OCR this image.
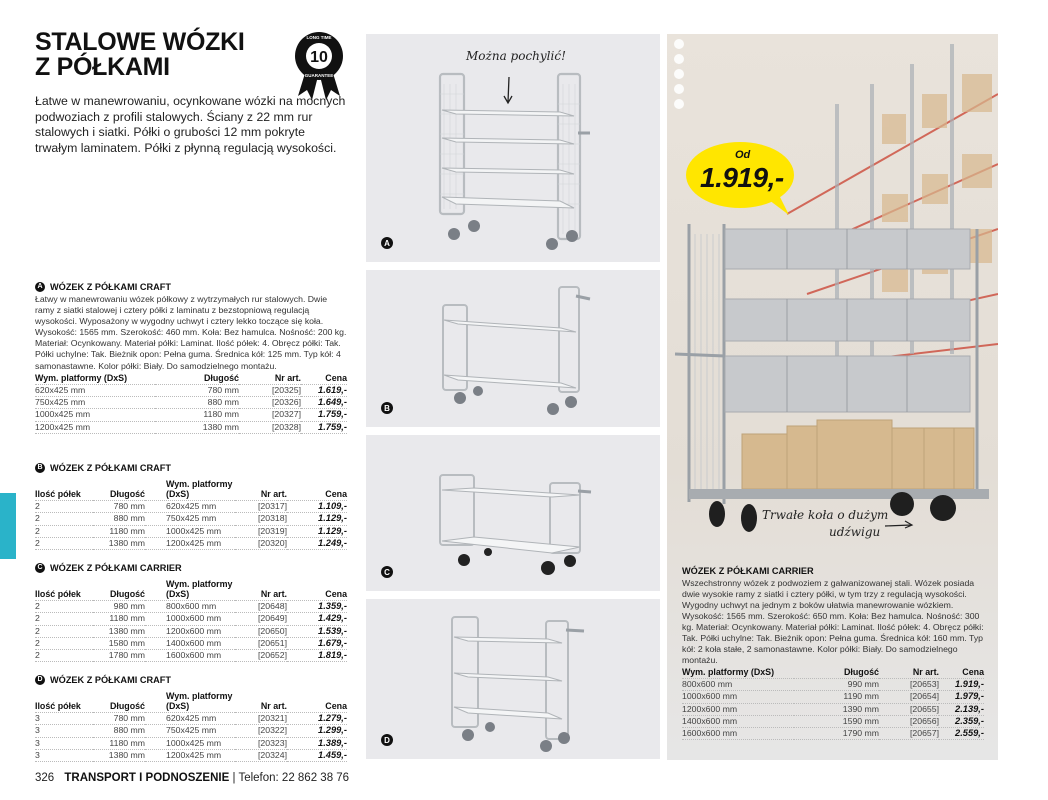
STALOWE WÓZKI
Z PÓŁKAMI

Łatwe w manewrowaniu, ocynkowane wózki na mocnych podwoziach z profili stalowych. Ściany z 22 mm rur stalowych i siatki. Półki o grubości 12 mm pokryte trwałym laminatem. Półki z płynną regulacją wysokości.

10
LONG TIME
GUARANTEE
A WÓZEK Z PÓŁKAMI CRAFT

Łatwy w manewrowaniu wózek półkowy z wytrzymałych rur stalowych. Dwie ramy z siatki stalowej i cztery półki z laminatu z bezstopniową regulacją wysokości. Wyposażony w wygodny uchwyt i cztery lekko toczące się koła. Wysokość: 1565 mm. Szerokość: 460 mm. Koła: Bez hamulca. Nośność: 200 kg. Materiał: Ocynkowany. Materiał półki: Laminat. Ilość półek: 4. Obręcz półki: Tak. Półki uchylne: Tak. Bieżnik opon: Pełna guma. Średnica kół: 125 mm. Typ kół: 4 samonastawne. Kolor półki: Biały. Do samodzielnego montażu.

Wym. platformy (DxS)	Długość	Nr art.	Cena
620x425 mm	780 mm	[20325]	1.619,-
750x425 mm	880 mm	[20326]	1.649,-
1000x425 mm	1180 mm	[20327]	1.759,-
1200x425 mm	1380 mm	[20328]	1.759,-
B WÓZEK Z PÓŁKAMI CRAFT
Ilość półek	Długość	Wym. platformy (DxS)	Nr art.	Cena
2	780 mm	620x425 mm	[20317]	1.109,-
2	880 mm	750x425 mm	[20318]	1.129,-
2	1180 mm	1000x425 mm	[20319]	1.129,-
2	1380 mm	1200x425 mm	[20320]	1.249,-
C WÓZEK Z PÓŁKAMI CARRIER
Ilość półek	Długość	Wym. platformy (DxS)	Nr art.	Cena
2	980 mm	800x600 mm	[20648]	1.359,-
2	1180 mm	1000x600 mm	[20649]	1.429,-
2	1380 mm	1200x600 mm	[20650]	1.539,-
2	1580 mm	1400x600 mm	[20651]	1.679,-
2	1780 mm	1600x600 mm	[20652]	1.819,-
D WÓZEK Z PÓŁKAMI CRAFT
Ilość półek	Długość	Wym. platformy (DxS)	Nr art.	Cena
3	780 mm	620x425 mm	[20321]	1.279,-
3	880 mm	750x425 mm	[20322]	1.299,-
3	1180 mm	1000x425 mm	[20323]	1.389,-
3	1380 mm	1200x425 mm	[20324]	1.459,-
326 TRANSPORT I PODNOSZENIE | Telefon: 22 862 38 76
Można pochylić!
A
B
C
D
Od
1.919,-
Trwałe koła o dużym
udźwigu
WÓZEK Z PÓŁKAMI CARRIER

Wszechstronny wózek z podwoziem z galwanizowanej stali. Wózek posiada dwie wysokie ramy z siatki i cztery półki, w tym trzy z regulacją wysokości. Wygodny uchwyt na jednym z boków ułatwia manewrowanie wózkiem. Wysokość: 1565 mm. Szerokość: 650 mm. Koła: Bez hamulca. Nośność: 300 kg. Materiał: Ocynkowany. Materiał półki: Laminat. Ilość półek: 4. Obręcz półki: Tak. Półki uchylne: Tak. Bieżnik opon: Pełna guma. Średnica kół: 160 mm. Typ kół: 2 koła stałe, 2 samonastawne. Kolor półki: Biały. Do samodzielnego montażu.

Wym. platformy (DxS)	Długość	Nr art.	Cena
800x600 mm	990 mm	[20653]	1.919,-
1000x600 mm	1190 mm	[20654]	1.979,-
1200x600 mm	1390 mm	[20655]	2.139,-
1400x600 mm	1590 mm	[20656]	2.359,-
1600x600 mm	1790 mm	[20657]	2.559,-
